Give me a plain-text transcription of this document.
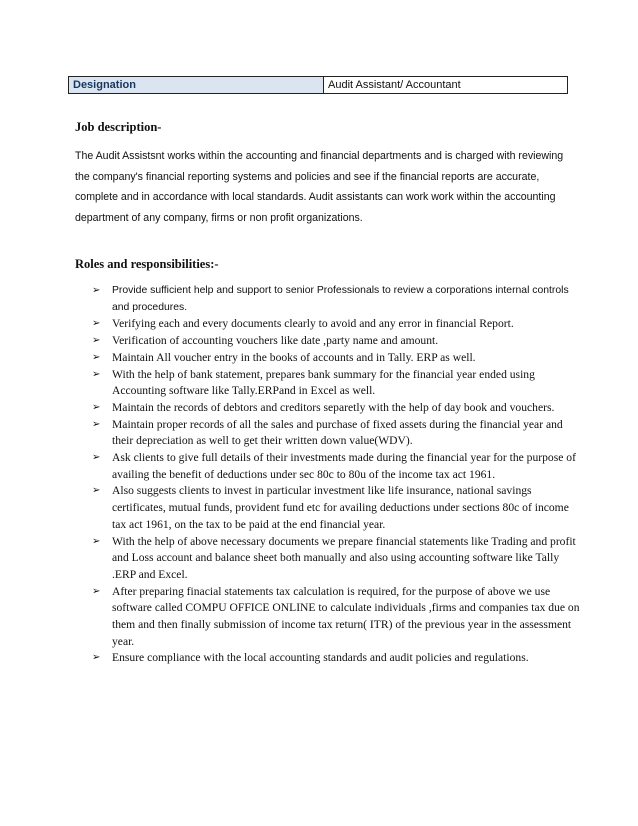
Designation	Audit Assistant/ Accountant
Job description-

The Audit Assistsnt works within the accounting and financial departments and is charged with reviewing the company's financial reporting systems and policies and see if the financial reports are accurate, complete and in accordance with local standards. Audit assistants can work work within the accounting department of any company, firms or non profit organizations.

Roles and responsibilities:-
➢ Provide sufficient help and support to senior Professionals to review a corporations internal controls and procedures.
➢ Verifying each and every documents clearly to avoid and any error in financial Report.
➢ Verification of accounting vouchers like date ,party name and amount.
➢ Maintain All voucher entry in the books of accounts and in Tally. ERP as well.
➢ With the help of bank statement, prepares bank summary for the financial year ended using Accounting software like Tally.ERPand in Excel as well.
➢ Maintain the records of debtors and creditors separetly with the help of day book and vouchers.
➢ Maintain proper records of all the sales and purchase of fixed assets during the financial year and their depreciation as well to get their written down value(WDV).
➢ Ask clients to give full details of their investments made during the financial year for the purpose of availing the benefit of deductions under sec 80c to 80u of the income tax act 1961.
➢ Also suggests clients to invest in particular investment like life insurance, national savings certificates, mutual funds, provident fund etc for availing deductions under sections 80c of income tax act 1961, on the tax to be paid at the end financial year.
➢ With the help of above necessary documents we prepare financial statements like Trading and profit and Loss account and balance sheet both manually and also using accounting software like Tally .ERP and Excel.
➢ After preparing finacial statements tax calculation is required, for the purpose of above we use software called COMPU OFFICE ONLINE to calculate individuals ,firms and companies tax due on them and then finally submission of income tax return( ITR) of the previous year in the assessment year.
➢ Ensure compliance with the local accounting standards and audit policies and regulations.
